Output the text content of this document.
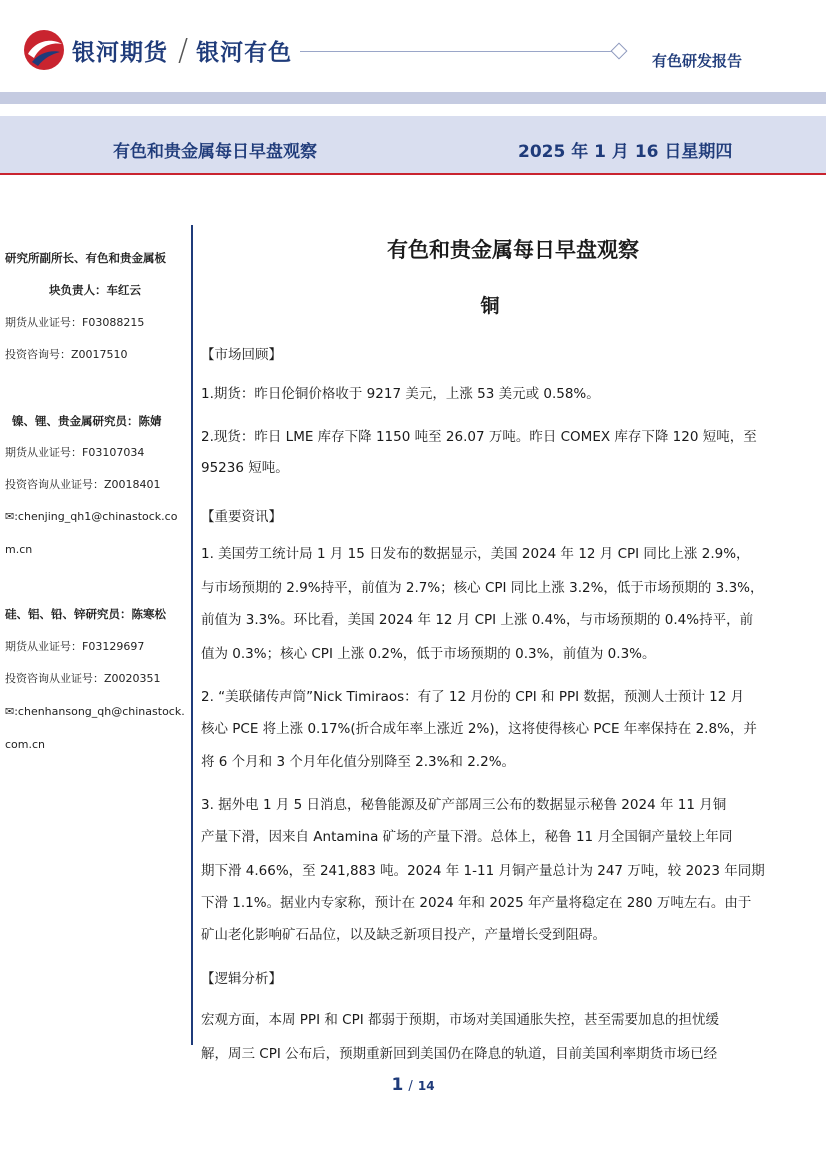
银河期货 / 银河有色	有色研发报告
有色和贵金属每日早盘观察	2025 年 1 月 16 日星期四
研究所副所长、有色和贵金属板
块负责人：车红云
期货从业证号：F03088215
投资咨询号：Z0017510
镍、锂、贵金属研究员：陈婧
期货从业证号：F03107034
投资咨询从业证号：Z0018401
✉:chenjing_qh1@chinastock.co
m.cn
硅、铝、铅、锌研究员：陈寒松
期货从业证号：F03129697
投资咨询从业证号：Z0020351
✉:chenhansong_qh@chinastock.
com.cn
有色和贵金属每日早盘观察
铜
【市场回顾】
1.期货：昨日伦铜价格收于 9217 美元，上涨 53 美元或 0.58%。
2.现货：昨日 LME 库存下降 1150 吨至 26.07 万吨。昨日 COMEX 库存下降 120 短吨，至
95236 短吨。
【重要资讯】
1. 美国劳工统计局 1 月 15 日发布的数据显示，美国 2024 年 12 月 CPI 同比上涨 2.9%，
与市场预期的 2.9%持平，前值为 2.7%；核心 CPI 同比上涨 3.2%，低于市场预期的 3.3%，
前值为 3.3%。环比看，美国 2024 年 12 月 CPI 上涨 0.4%，与市场预期的 0.4%持平，前
值为 0.3%；核心 CPI 上涨 0.2%，低于市场预期的 0.3%，前值为 0.3%。
2. “美联储传声筒”Nick Timiraos：有了 12 月份的 CPI 和 PPI 数据，预测人士预计 12 月
核心 PCE 将上涨 0.17%(折合成年率上涨近 2%)，这将使得核心 PCE 年率保持在 2.8%，并
将 6 个月和 3 个月年化值分别降至 2.3%和 2.2%。
3. 据外电 1 月 5 日消息，秘鲁能源及矿产部周三公布的数据显示秘鲁 2024 年 11 月铜
产量下滑，因来自 Antamina 矿场的产量下滑。总体上，秘鲁 11 月全国铜产量较上年同
期下滑 4.66%，至 241,883 吨。2024 年 1-11 月铜产量总计为 247 万吨，较 2023 年同期
下滑 1.1%。据业内专家称，预计在 2024 年和 2025 年产量将稳定在 280 万吨左右。由于
矿山老化影响矿石品位，以及缺乏新项目投产，产量增长受到阻碍。
【逻辑分析】
宏观方面，本周 PPI 和 CPI 都弱于预期，市场对美国通胀失控，甚至需要加息的担忧缓
解，周三 CPI 公布后，预期重新回到美国仍在降息的轨道，目前美国利率期货市场已经
1 / 14
